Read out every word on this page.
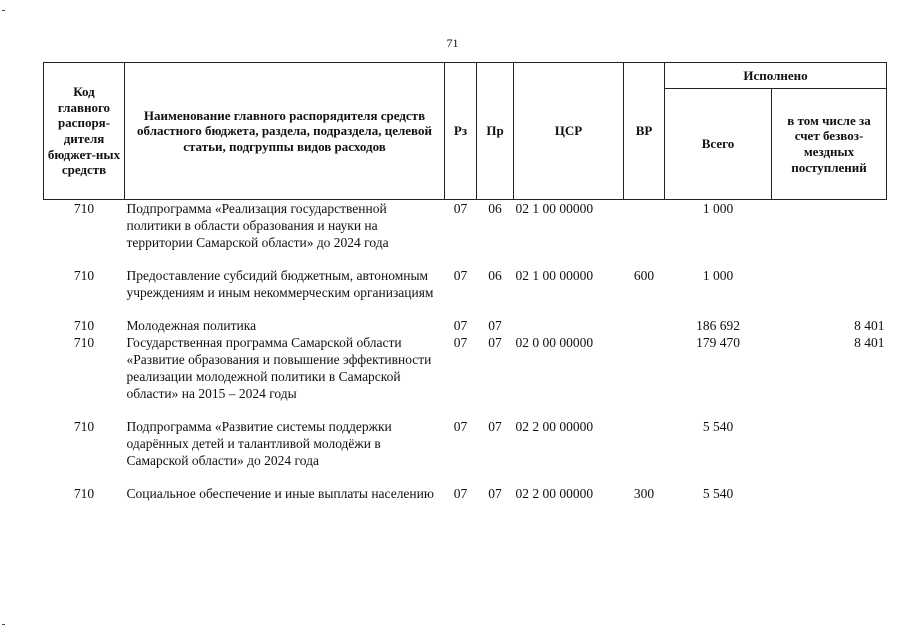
71
Код главного распоря-дителя бюджет-ных средств	Наименование главного распорядителя средств областного бюджета, раздела, подраздела, целевой статьи, подгруппы видов расходов	Рз	Пр	ЦСР	ВР	Исполнено	
						Всего	в том числе за счет безвоз-мездных поступлений
710	Подпрограмма «Реализация государственной политики в области образования и науки на территории Самарской области» до 2024 года	07	06	02 1 00 00000		1 000	

710	Предоставление субсидий бюджетным, автономным учреждениям и иным некоммерческим организациям	07	06	02 1 00 00000	600	1 000	

710	Молодежная политика	07	07			186 692	8 401
710	Государственная программа Самарской области «Развитие образования и повышение эффективности реализации молодежной политики в Самарской области» на 2015 – 2024 годы	07	07	02 0 00 00000		179 470	8 401

710	Подпрограмма «Развитие системы поддержки одарённых детей и талантливой молодёжи в Самарской области» до 2024 года	07	07	02 2 00 00000		5 540	

710	Социальное обеспечение и иные выплаты населению	07	07	02 2 00 00000	300	5 540	
